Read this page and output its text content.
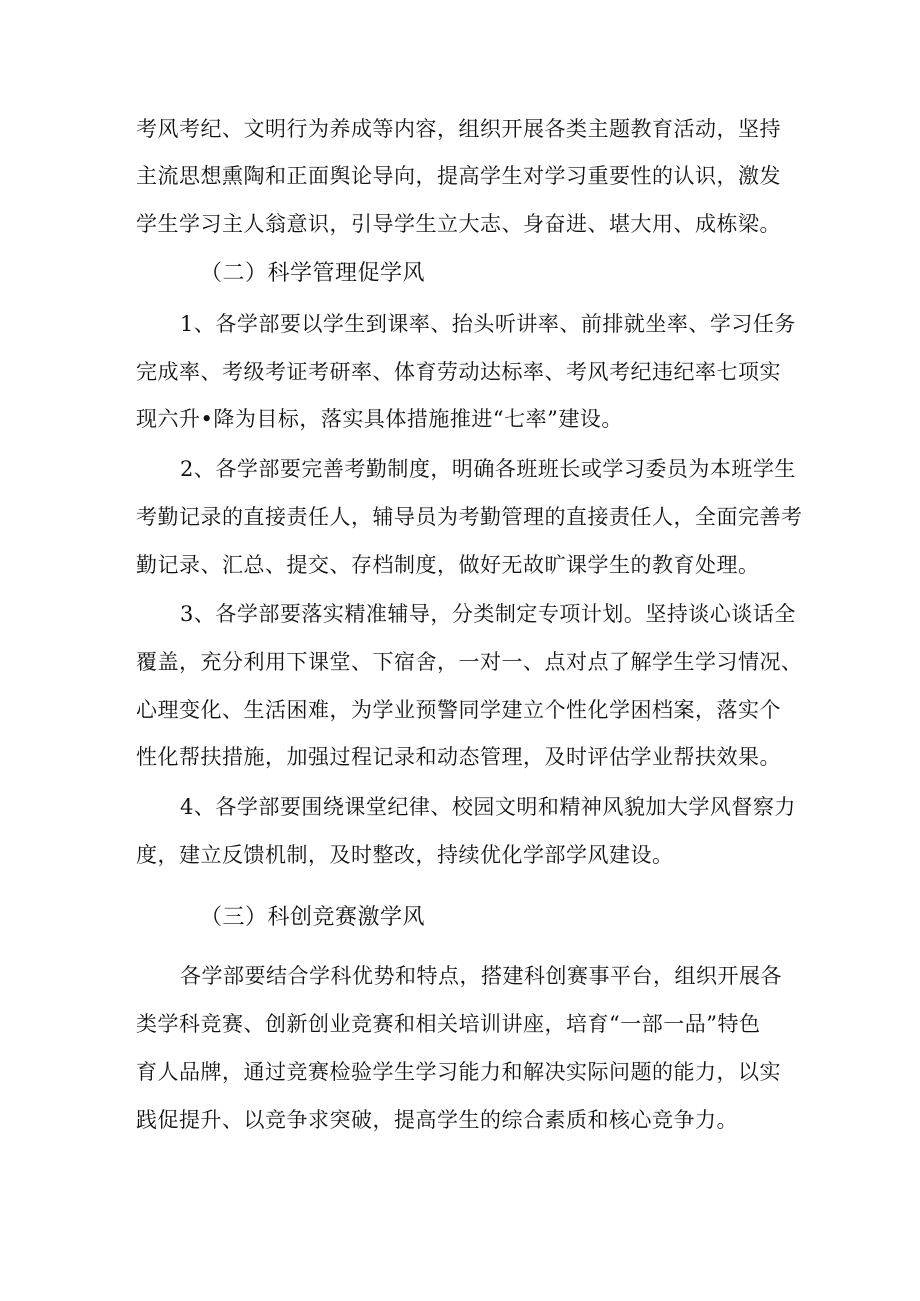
考风考纪、文明行为养成等内容，组织开展各类主题教育活动，坚持
主流思想熏陶和正面舆论导向，提高学生对学习重要性的认识，激发
学生学习主人翁意识，引导学生立大志、身奋进、堪大用、成栋梁。
（二）科学管理促学风
1、各学部要以学生到课率、抬头听讲率、前排就坐率、学习任务
完成率、考级考证考研率、体育劳动达标率、考风考纪违纪率七项实
现六升•降为目标，落实具体措施推进“七率”建设。
2、各学部要完善考勤制度，明确各班班长或学习委员为本班学生
考勤记录的直接责任人，辅导员为考勤管理的直接责任人，全面完善考
勤记录、汇总、提交、存档制度，做好无故旷课学生的教育处理。
3、各学部要落实精准辅导，分类制定专项计划。坚持谈心谈话全
覆盖，充分利用下课堂、下宿舍，一对一、点对点了解学生学习情况、
心理变化、生活困难，为学业预警同学建立个性化学困档案，落实个
性化帮扶措施，加强过程记录和动态管理，及时评估学业帮扶效果。
4、各学部要围绕课堂纪律、校园文明和精神风貌加大学风督察力
度，建立反馈机制，及时整改，持续优化学部学风建设。
（三）科创竞赛激学风
各学部要结合学科优势和特点，搭建科创赛事平台，组织开展各
类学科竞赛、创新创业竞赛和相关培训讲座，培育“一部一品”特色
育人品牌，通过竞赛检验学生学习能力和解决实际问题的能力，以实
践促提升、以竞争求突破，提高学生的综合素质和核心竞争力。
